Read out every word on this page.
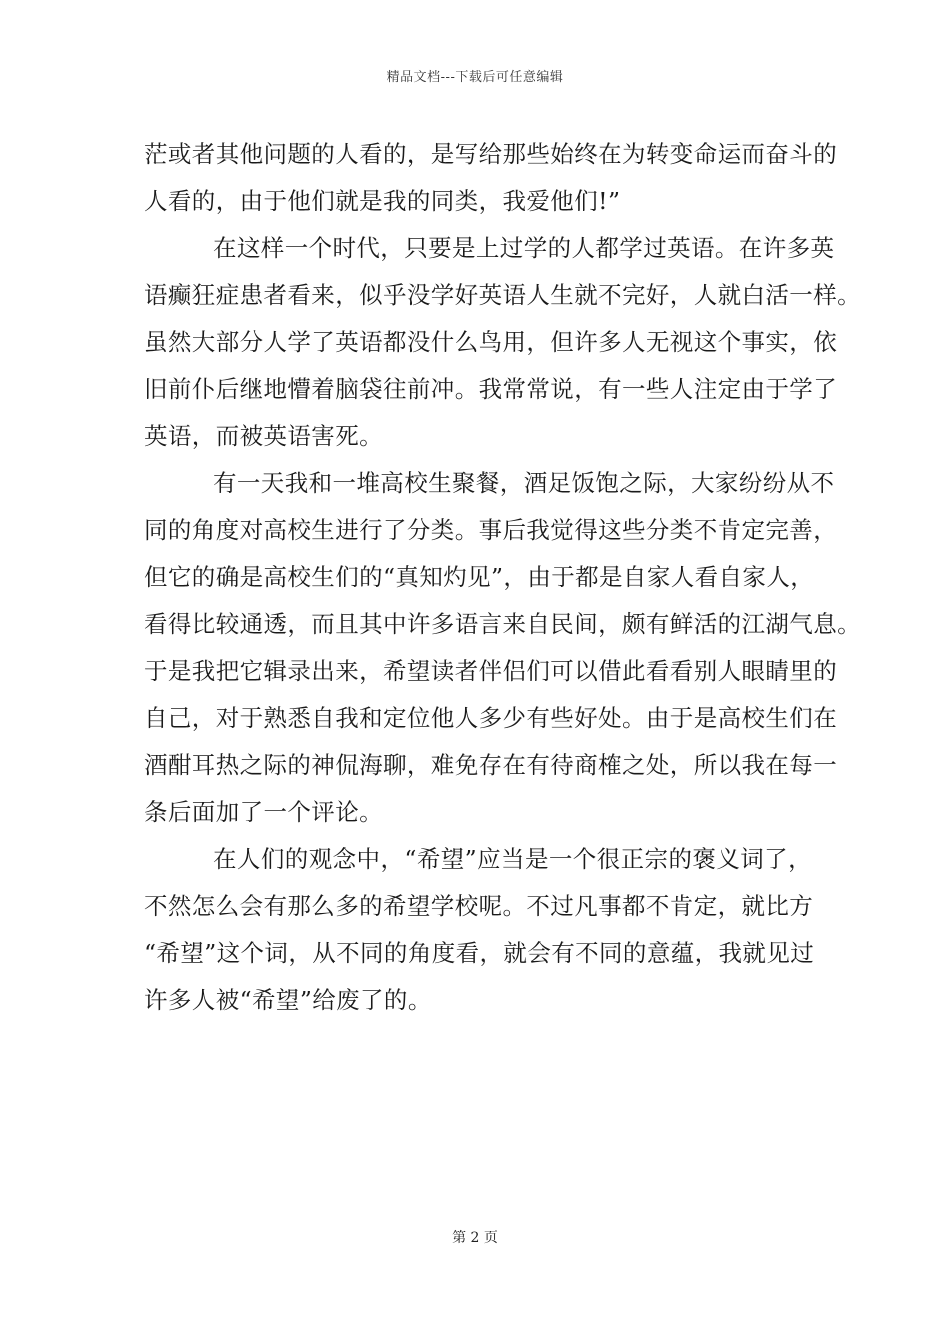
精品文档---下载后可任意编辑
茫或者其他问题的人看的，是写给那些始终在为转变命运而奋斗的
人看的，由于他们就是我的同类，我爱他们!”
在这样一个时代，只要是上过学的人都学过英语。在许多英
语癫狂症患者看来，似乎没学好英语人生就不完好，人就白活一样。
虽然大部分人学了英语都没什么鸟用，但许多人无视这个事实，依
旧前仆后继地懵着脑袋往前冲。我常常说，有一些人注定由于学了
英语，而被英语害死。
有一天我和一堆高校生聚餐，酒足饭饱之际，大家纷纷从不
同的角度对高校生进行了分类。事后我觉得这些分类不肯定完善，
但它的确是高校生们的“真知灼见”，由于都是自家人看自家人，
看得比较通透，而且其中许多语言来自民间，颇有鲜活的江湖气息。
于是我把它辑录出来，希望读者伴侣们可以借此看看别人眼睛里的
自己，对于熟悉自我和定位他人多少有些好处。由于是高校生们在
酒酣耳热之际的神侃海聊，难免存在有待商榷之处，所以我在每一
条后面加了一个评论。
在人们的观念中，“希望”应当是一个很正宗的褒义词了，
不然怎么会有那么多的希望学校呢。不过凡事都不肯定，就比方
“希望”这个词，从不同的角度看，就会有不同的意蕴，我就见过
许多人被“希望”给废了的。
第 2 页
